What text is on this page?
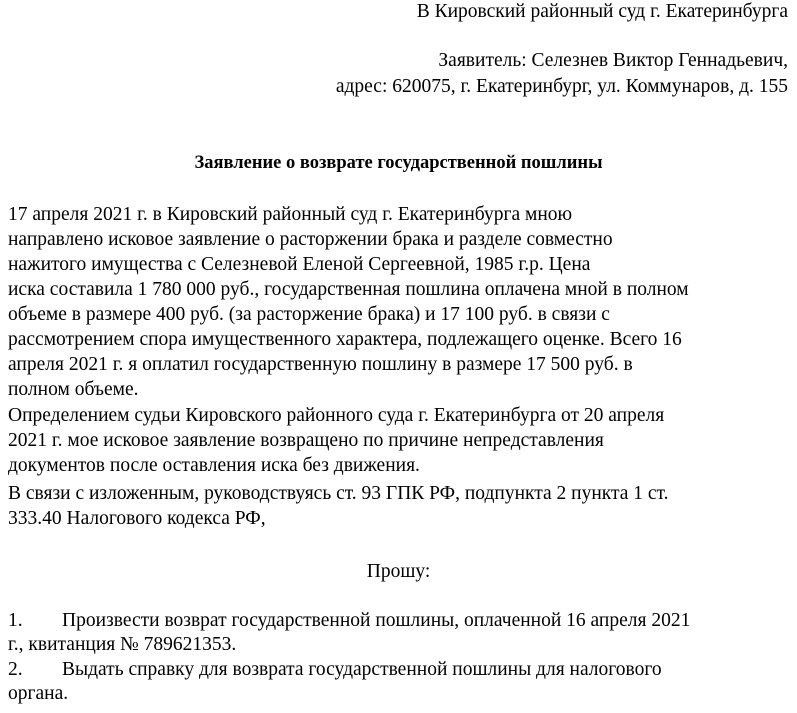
В Кировский районный суд г. Екатеринбурга
Заявитель: Селезнев Виктор Геннадьевич,
адрес: 620075, г. Екатеринбург, ул. Коммунаров, д. 155
Заявление о возврате государственной пошлины
17 апреля 2021 г. в Кировский районный суд г. Екатеринбурга мною
направлено исковое заявление о расторжении брака и разделе совместно
нажитого имущества с Селезневой Еленой Сергеевной, 1985 г.р. Цена
иска составила 1 780 000 руб., государственная пошлина оплачена мной в полном
объеме в размере 400 руб. (за расторжение брака) и 17 100 руб. в связи с
рассмотрением спора имущественного характера, подлежащего оценке. Всего 16
апреля 2021 г. я оплатил государственную пошлину в размере 17 500 руб. в
полном объеме.
Определением судьи Кировского районного суда г. Екатеринбурга от 20 апреля
2021 г. мое исковое заявление возвращено по причине непредставления
документов после оставления иска без движения.
В связи с изложенным, руководствуясь ст. 93 ГПК РФ, подпункта 2 пункта 1 ст.
333.40 Налогового кодекса РФ,
Прошу:
1. Произвести возврат государственной пошлины, оплаченной 16 апреля 2021
г., квитанция № 789621353.
2. Выдать справку для возврата государственной пошлины для налогового
органа.
